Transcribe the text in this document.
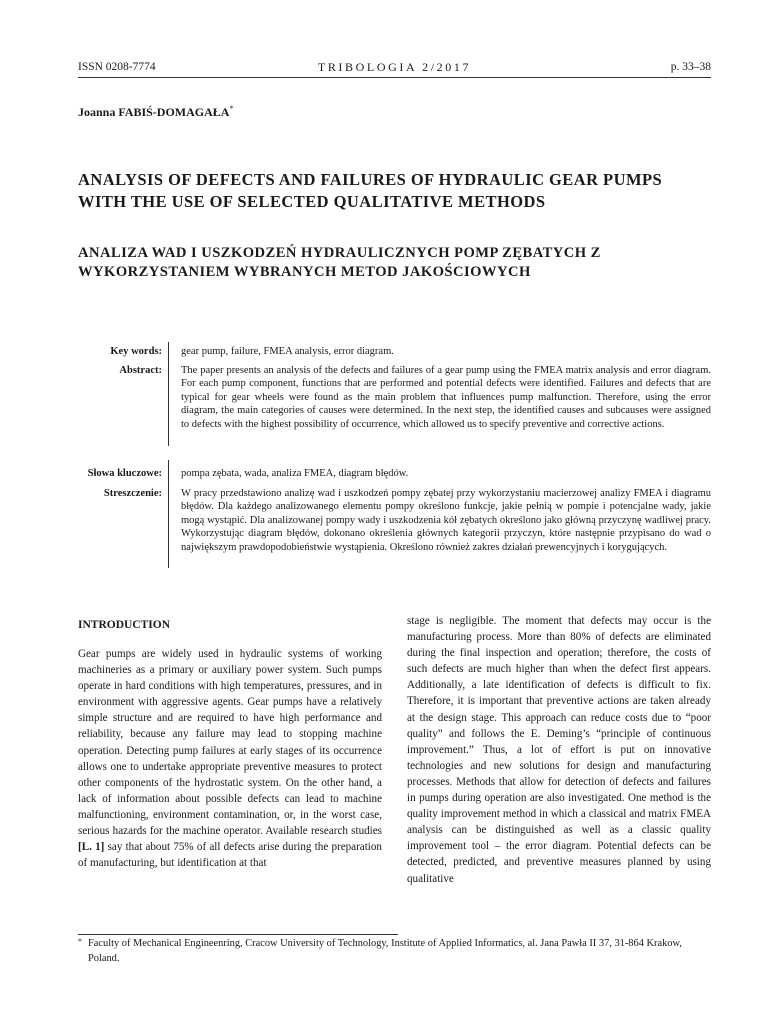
ISSN 0208-7774	TRIBOLOGIA 2/2017	p. 33–38
Joanna FABIŚ-DOMAGAŁA*
ANALYSIS OF DEFECTS AND FAILURES OF HYDRAULIC GEAR PUMPS WITH THE USE OF SELECTED QUALITATIVE METHODS
ANALIZA WAD I USZKODZEŃ HYDRAULICZNYCH POMP ZĘBATYCH Z WYKORZYSTANIEM WYBRANYCH METOD JAKOŚCIOWYCH
Key words: gear pump, failure, FMEA analysis, error diagram.
Abstract: The paper presents an analysis of the defects and failures of a gear pump using the FMEA matrix analysis and error diagram. For each pump component, functions that are performed and potential defects were identified. Failures and defects that are typical for gear wheels were found as the main problem that influences pump malfunction. Therefore, using the error diagram, the main categories of causes were determined. In the next step, the identified causes and subcauses were assigned to defects with the highest possibility of occurrence, which allowed us to specify preventive and corrective actions.
Słowa kluczowe: pompa zębata, wada, analiza FMEA, diagram błędów.
Streszczenie: W pracy przedstawiono analizę wad i uszkodzeń pompy zębatej przy wykorzystaniu macierzowej analizy FMEA i diagramu błędów. Dla każdego analizowanego elementu pompy określono funkcje, jakie pełnią w pompie i potencjalne wady, jakie mogą wystąpić. Dla analizowanej pompy wady i uszkodzenia kół zębatych określono jako główną przyczynę wadliwej pracy. Wykorzystując diagram błędów, dokonano określenia głównych kategorii przyczyn, które następnie przypisano do wad o największym prawdopodobieństwie wystąpienia. Określono również zakres działań prewencyjnych i korygujących.
INTRODUCTION

Gear pumps are widely used in hydraulic systems of working machineries as a primary or auxiliary power system. Such pumps operate in hard conditions with high temperatures, pressures, and in environment with aggressive agents. Gear pumps have a relatively simple structure and are required to have high performance and reliability, because any failure may lead to stopping machine operation. Detecting pump failures at early stages of its occurrence allows one to undertake appropriate preventive measures to protect other components of the hydrostatic system. On the other hand, a lack of information about possible defects can lead to machine malfunctioning, environment contamination, or, in the worst case, serious hazards for the machine operator. Available research studies [L. 1] say that about 75% of all defects arise during the preparation of manufacturing, but identification at that

stage is negligible. The moment that defects may occur is the manufacturing process. More than 80% of defects are eliminated during the final inspection and operation; therefore, the costs of such defects are much higher than when the defect first appears. Additionally, a late identification of defects is difficult to fix. Therefore, it is important that preventive actions are taken already at the design stage. This approach can reduce costs due to “poor quality” and follows the E. Deming’s “principle of continuous improvement.” Thus, a lot of effort is put on innovative technologies and new solutions for design and manufacturing processes. Methods that allow for detection of defects and failures in pumps during operation are also investigated. One method is the quality improvement method in which a classical and matrix FMEA analysis can be distinguished as well as a classic quality improvement tool – the error diagram. Potential defects can be detected, predicted, and preventive measures planned by using qualitative

* Faculty of Mechanical Engineenring, Cracow University of Technology, Institute of Applied Informatics, al. Jana Pawła II 37, 31-864 Krakow, Poland.
